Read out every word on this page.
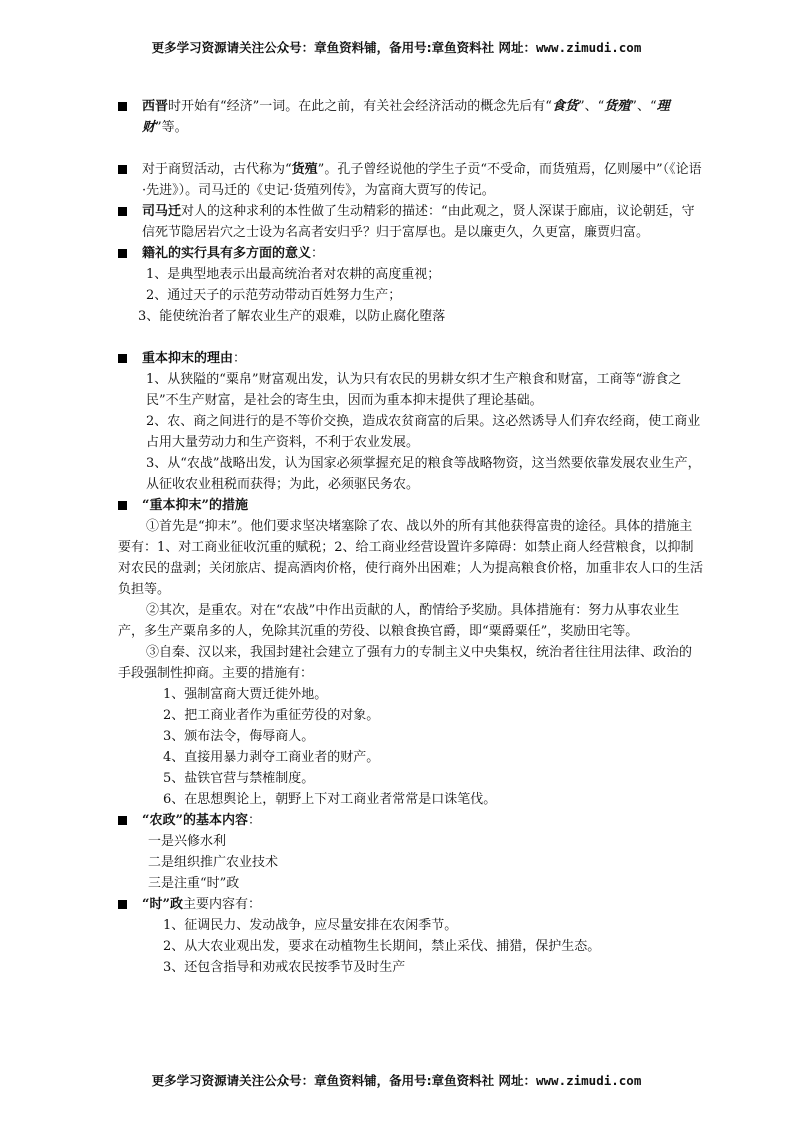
更多学习资源请关注公众号：章鱼资料铺，备用号:章鱼资料社 网址：www.zimudi.com
西晋时开始有“经济”一词。在此之前，有关社会经济活动的概念先后有“食货”、“货殖”、“理财”等。
对于商贸活动，古代称为“货殖”。孔子曾经说他的学生子贡“不受命，而货殖焉，亿则屡中”（《论语·先进》）。司马迁的《史记·货殖列传》，为富商大贾写的传记。
司马迁对人的这种求利的本性做了生动精彩的描述：“由此观之，贤人深谋于廊庙，议论朝廷，守信死节隐居岩穴之士设为名高者安归乎？归于富厚也。是以廉吏久，久更富，廉贾归富。
籍礼的实行具有多方面的意义：
1、是典型地表示出最高统治者对农耕的高度重视；
2、通过天子的示范劳动带动百姓努力生产；
3、能使统治者了解农业生产的艰难，以防止腐化堕落
重本抑末的理由：
1、从狭隘的“粟帛”财富观出发，认为只有农民的男耕女织才生产粮食和财富，工商等“游食之民”不生产财富，是社会的寄生虫，因而为重本抑末提供了理论基础。
2、农、商之间进行的是不等价交换，造成农贫商富的后果。这必然诱导人们弃农经商，使工商业占用大量劳动力和生产资料，不利于农业发展。
3、从“农战”战略出发，认为国家必须掌握充足的粮食等战略物资，这当然要依靠发展农业生产，从征收农业租税而获得；为此，必须驱民务农。
“重本抑末”的措施
①首先是“抑末”。他们要求坚决堵塞除了农、战以外的所有其他获得富贵的途径。具体的措施主要有：1、对工商业征收沉重的赋税；2、给工商业经营设置许多障碍：如禁止商人经营粮食，以抑制对农民的盘剥；关闭旅店、提高酒肉价格，使行商外出困难；人为提高粮食价格，加重非农人口的生活负担等。
②其次，是重农。对在“农战”中作出贡献的人，酌情给予奖励。具体措施有：努力从事农业生产，多生产粟帛多的人，免除其沉重的劳役、以粮食换官爵，即“粟爵粟任”，奖励田宅等。
③自秦、汉以来，我国封建社会建立了强有力的专制主义中央集权，统治者往往用法律、政治的手段强制性抑商。主要的措施有：
1、强制富商大贾迁徙外地。
2、把工商业者作为重征劳役的对象。
3、颁布法令，侮辱商人。
4、直接用暴力剥夺工商业者的财产。
5、盐铁官营与禁榷制度。
6、在思想舆论上，朝野上下对工商业者常常是口诛笔伐。
“农政”的基本内容：
一是兴修水利
二是组织推广农业技术
三是注重“时”政
“时”政主要内容有：
1、征调民力、发动战争，应尽量安排在农闲季节。
2、从大农业观出发，要求在动植物生长期间，禁止采伐、捕猎，保护生态。
3、还包含指导和劝戒农民按季节及时生产
更多学习资源请关注公众号：章鱼资料铺，备用号:章鱼资料社 网址：www.zimudi.com
